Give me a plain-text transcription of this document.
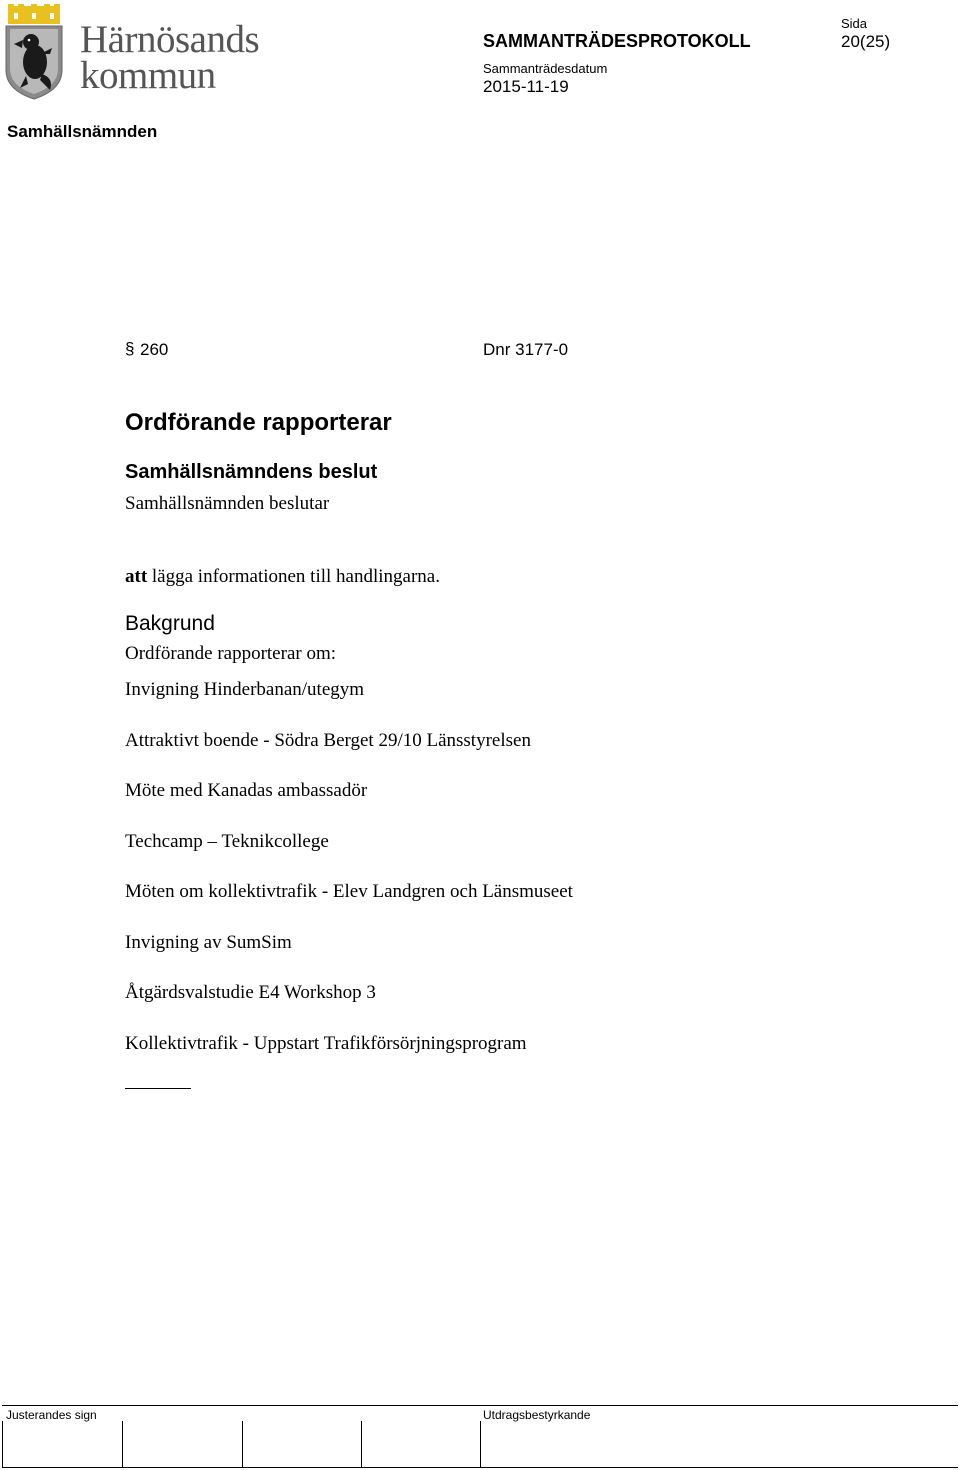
Härnösands
kommun
SAMMANTRÄDESPROTOKOLL
Sida
20(25)
Sammanträdesdatum
2015-11-19
Samhällsnämnden
§ 260	Dnr 3177-0
Ordförande rapporterar
Samhällsnämndens beslut
Samhällsnämnden beslutar
att lägga informationen till handlingarna.
Bakgrund
Ordförande rapporterar om:
Invigning Hinderbanan/utegym
Attraktivt boende - Södra Berget 29/10 Länsstyrelsen
Möte med Kanadas ambassadör
Techcamp – Teknikcollege
Möten om kollektivtrafik - Elev Landgren och Länsmuseet
Invigning av SumSim
Åtgärdsvalstudie E4 Workshop 3
Kollektivtrafik - Uppstart Trafikförsörjningsprogram
Justerandes sign	Utdragsbestyrkande
